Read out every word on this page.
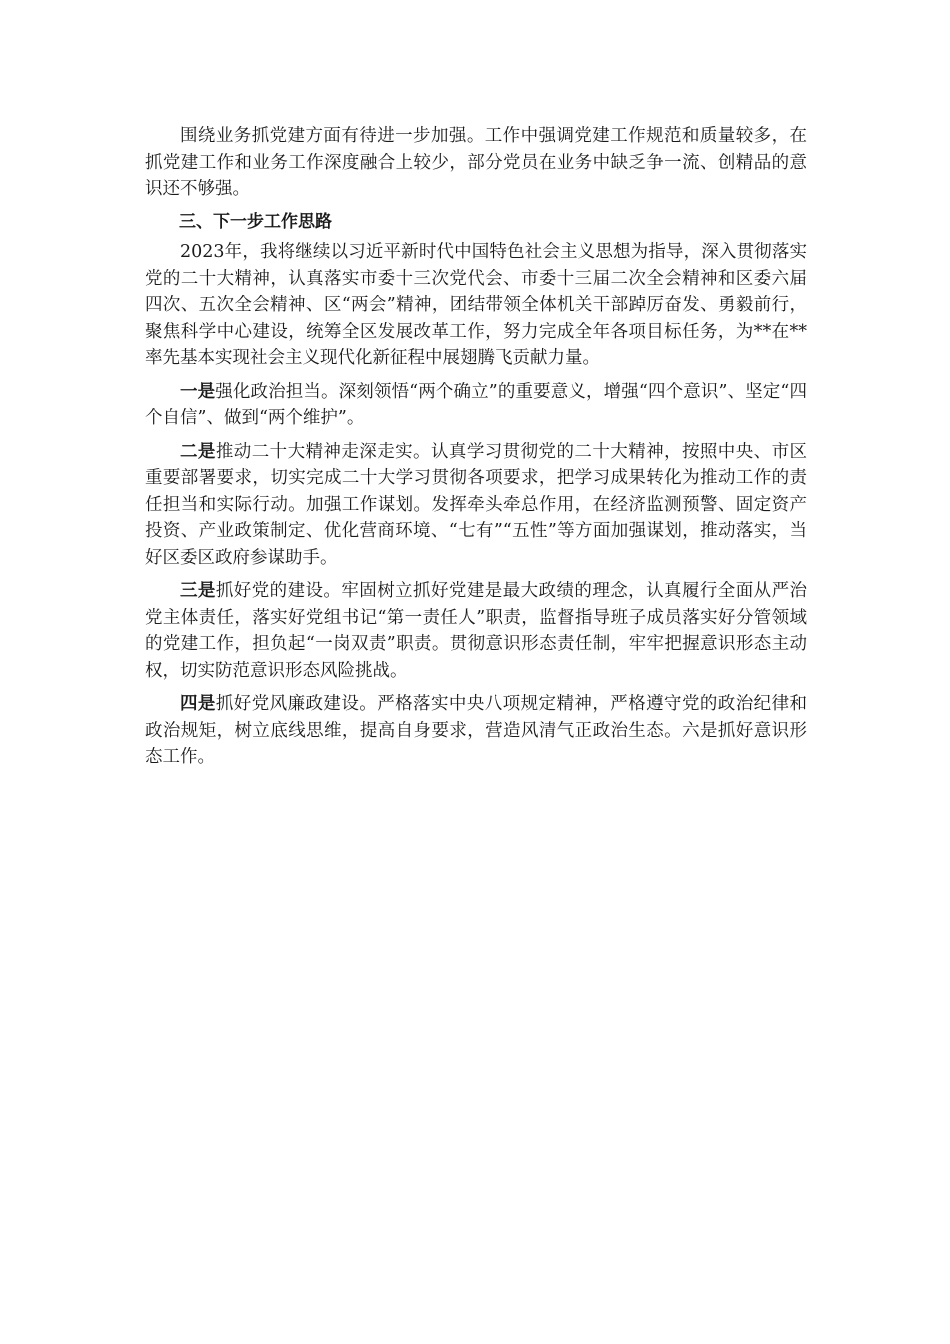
围绕业务抓党建方面有待进一步加强。工作中强调党建工作规范和质量较多，在抓党建工作和业务工作深度融合上较少，部分党员在业务中缺乏争一流、创精品的意识还不够强。

三、下一步工作思路

2023年，我将继续以习近平新时代中国特色社会主义思想为指导，深入贯彻落实党的二十大精神，认真落实市委十三次党代会、市委十三届二次全会精神和区委六届四次、五次全会精神、区“两会”精神，团结带领全体机关干部踔厉奋发、勇毅前行，聚焦科学中心建设，统筹全区发展改革工作，努力完成全年各项目标任务，为**在**率先基本实现社会主义现代化新征程中展翅腾飞贡献力量。

一是强化政治担当。深刻领悟“两个确立”的重要意义，增强“四个意识”、坚定“四个自信”、做到“两个维护”。

二是推动二十大精神走深走实。认真学习贯彻党的二十大精神，按照中央、市区重要部署要求，切实完成二十大学习贯彻各项要求，把学习成果转化为推动工作的责任担当和实际行动。加强工作谋划。发挥牵头牵总作用，在经济监测预警、固定资产投资、产业政策制定、优化营商环境、“七有”“五性”等方面加强谋划，推动落实，当好区委区政府参谋助手。

三是抓好党的建设。牢固树立抓好党建是最大政绩的理念，认真履行全面从严治党主体责任，落实好党组书记“第一责任人”职责，监督指导班子成员落实好分管领域的党建工作，担负起“一岗双责”职责。贯彻意识形态责任制，牢牢把握意识形态主动权，切实防范意识形态风险挑战。

四是抓好党风廉政建设。严格落实中央八项规定精神，严格遵守党的政治纪律和政治规矩，树立底线思维，提高自身要求，营造风清气正政治生态。六是抓好意识形态工作。
